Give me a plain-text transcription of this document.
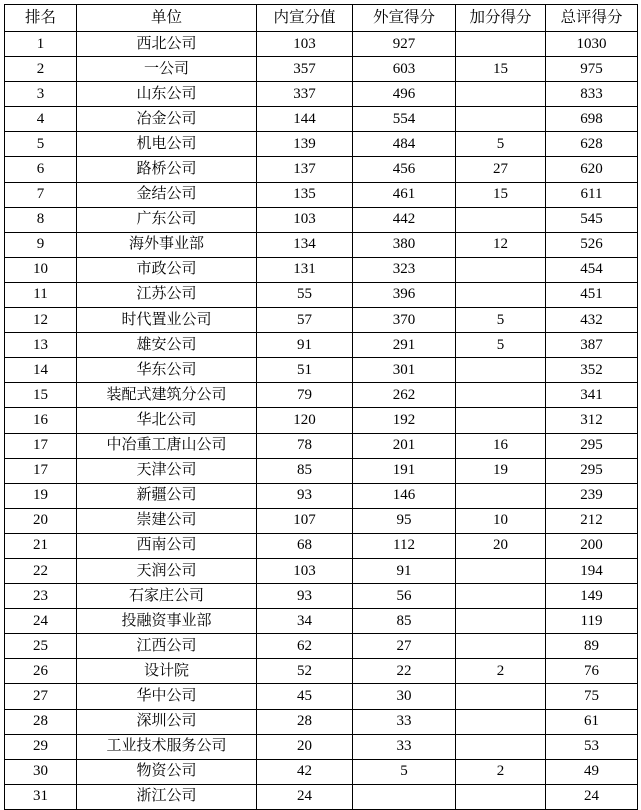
排名	单位	内宣分值	外宣得分	加分得分	总评得分
1	西北公司	103	927		1030
2	一公司	357	603	15	975
3	山东公司	337	496		833
4	冶金公司	144	554		698
5	机电公司	139	484	5	628
6	路桥公司	137	456	27	620
7	金结公司	135	461	15	611
8	广东公司	103	442		545
9	海外事业部	134	380	12	526
10	市政公司	131	323		454
11	江苏公司	55	396		451
12	时代置业公司	57	370	5	432
13	雄安公司	91	291	5	387
14	华东公司	51	301		352
15	装配式建筑分公司	79	262		341
16	华北公司	120	192		312
17	中冶重工唐山公司	78	201	16	295
17	天津公司	85	191	19	295
19	新疆公司	93	146		239
20	崇建公司	107	95	10	212
21	西南公司	68	112	20	200
22	天润公司	103	91		194
23	石家庄公司	93	56		149
24	投融资事业部	34	85		119
25	江西公司	62	27		89
26	设计院	52	22	2	76
27	华中公司	45	30		75
28	深圳公司	28	33		61
29	工业技术服务公司	20	33		53
30	物资公司	42	5	2	49
31	浙江公司	24			24
